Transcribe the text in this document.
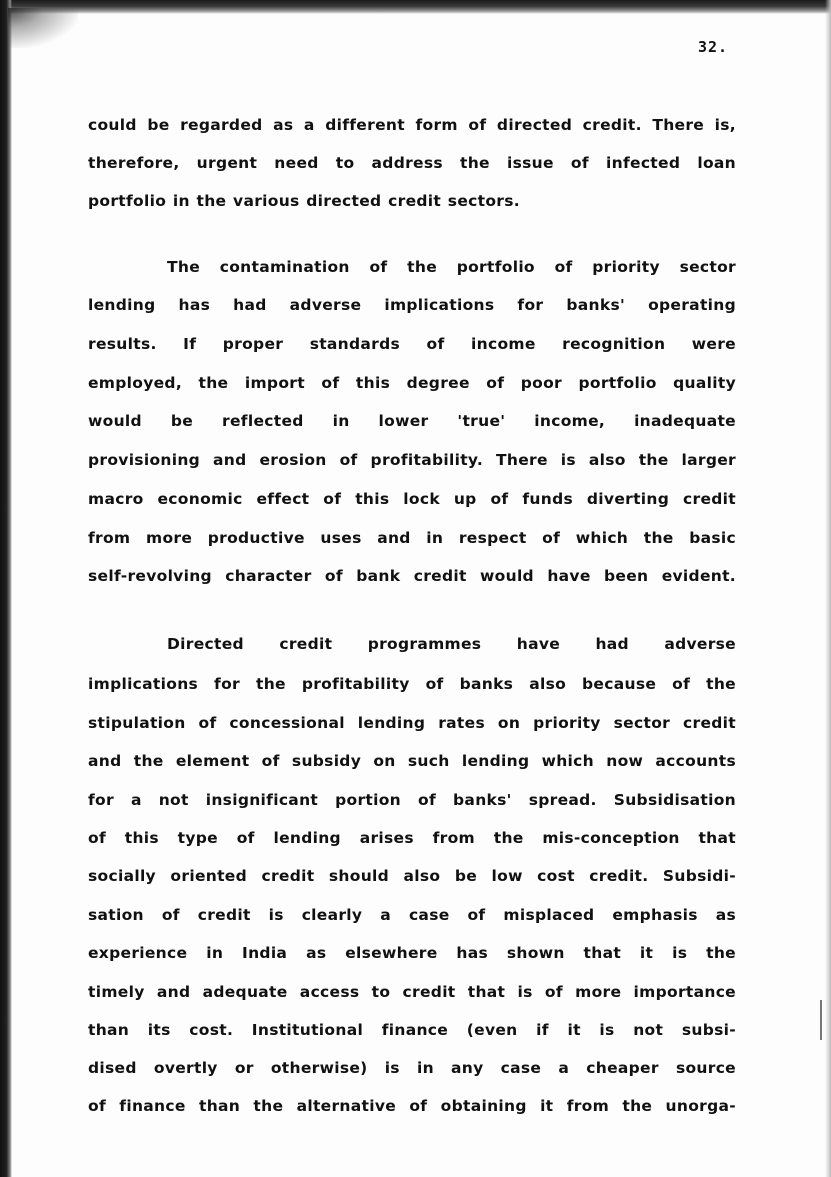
32.
could be regarded as a different form of directed credit. There is,
therefore, urgent need to address the issue of infected loan
portfolio in the various directed credit sectors.
The contamination of the portfolio of priority sector
lending has had adverse implications for banks' operating
results. If proper standards of income recognition were
employed, the import of this degree of poor portfolio quality
would be reflected in lower 'true' income, inadequate
provisioning and erosion of profitability. There is also the larger
macro economic effect of this lock up of funds diverting credit
from more productive uses and in respect of which the basic
self-revolving character of bank credit would have been evident.
Directed credit programmes have had adverse
implications for the profitability of banks also because of the
stipulation of concessional lending rates on priority sector credit
and the element of subsidy on such lending which now accounts
for a not insignificant portion of banks' spread. Subsidisation
of this type of lending arises from the mis-conception that
socially oriented credit should also be low cost credit. Subsidi-
sation of credit is clearly a case of misplaced emphasis as
experience in India as elsewhere has shown that it is the
timely and adequate access to credit that is of more importance
than its cost. Institutional finance (even if it is not subsi-
dised overtly or otherwise) is in any case a cheaper source
of finance than the alternative of obtaining it from the unorga-
